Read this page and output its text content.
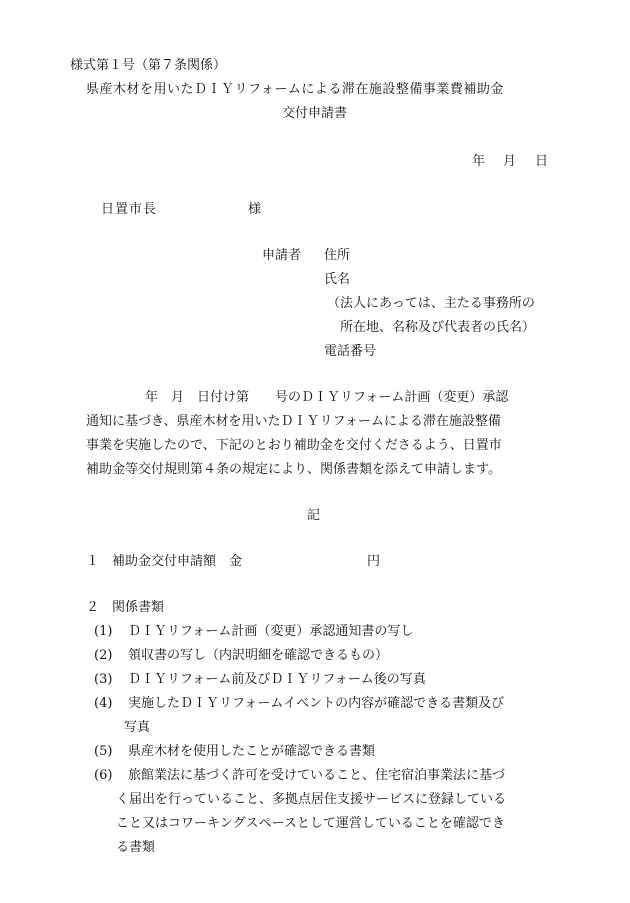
様式第１号（第７条関係）
県産木材を用いたＤＩＹリフォームによる滞在施設整備事業費補助金
交付申請書
年 月 日
日置市長	様
申請者 住所
氏名
（法人にあっては、主たる事務所の
所在地、名称及び代表者の氏名）
電話番号
年　月　日付け第　　号のＤＩＹリフォーム計画（変更）承認
通知に基づき、県産木材を用いたＤＩＹリフォームによる滞在施設整備
事業を実施したので、下記のとおり補助金を交付くださるよう、日置市
補助金等交付規則第４条の規定により、関係書類を添えて申請します。
記
１　補助金交付申請額　金	円
２　関係書類
(1) ＤＩＹリフォーム計画（変更）承認通知書の写し
(2) 領収書の写し（内訳明細を確認できるもの）
(3) ＤＩＹリフォーム前及びＤＩＹリフォーム後の写真
(4) 実施したＤＩＹリフォームイベントの内容が確認できる書類及び
写真
(5) 県産木材を使用したことが確認できる書類
(6) 旅館業法に基づく許可を受けていること、住宅宿泊事業法に基づ
く届出を行っていること、多拠点居住支援サービスに登録している
こと又はコワーキングスペースとして運営していることを確認でき
る書類
